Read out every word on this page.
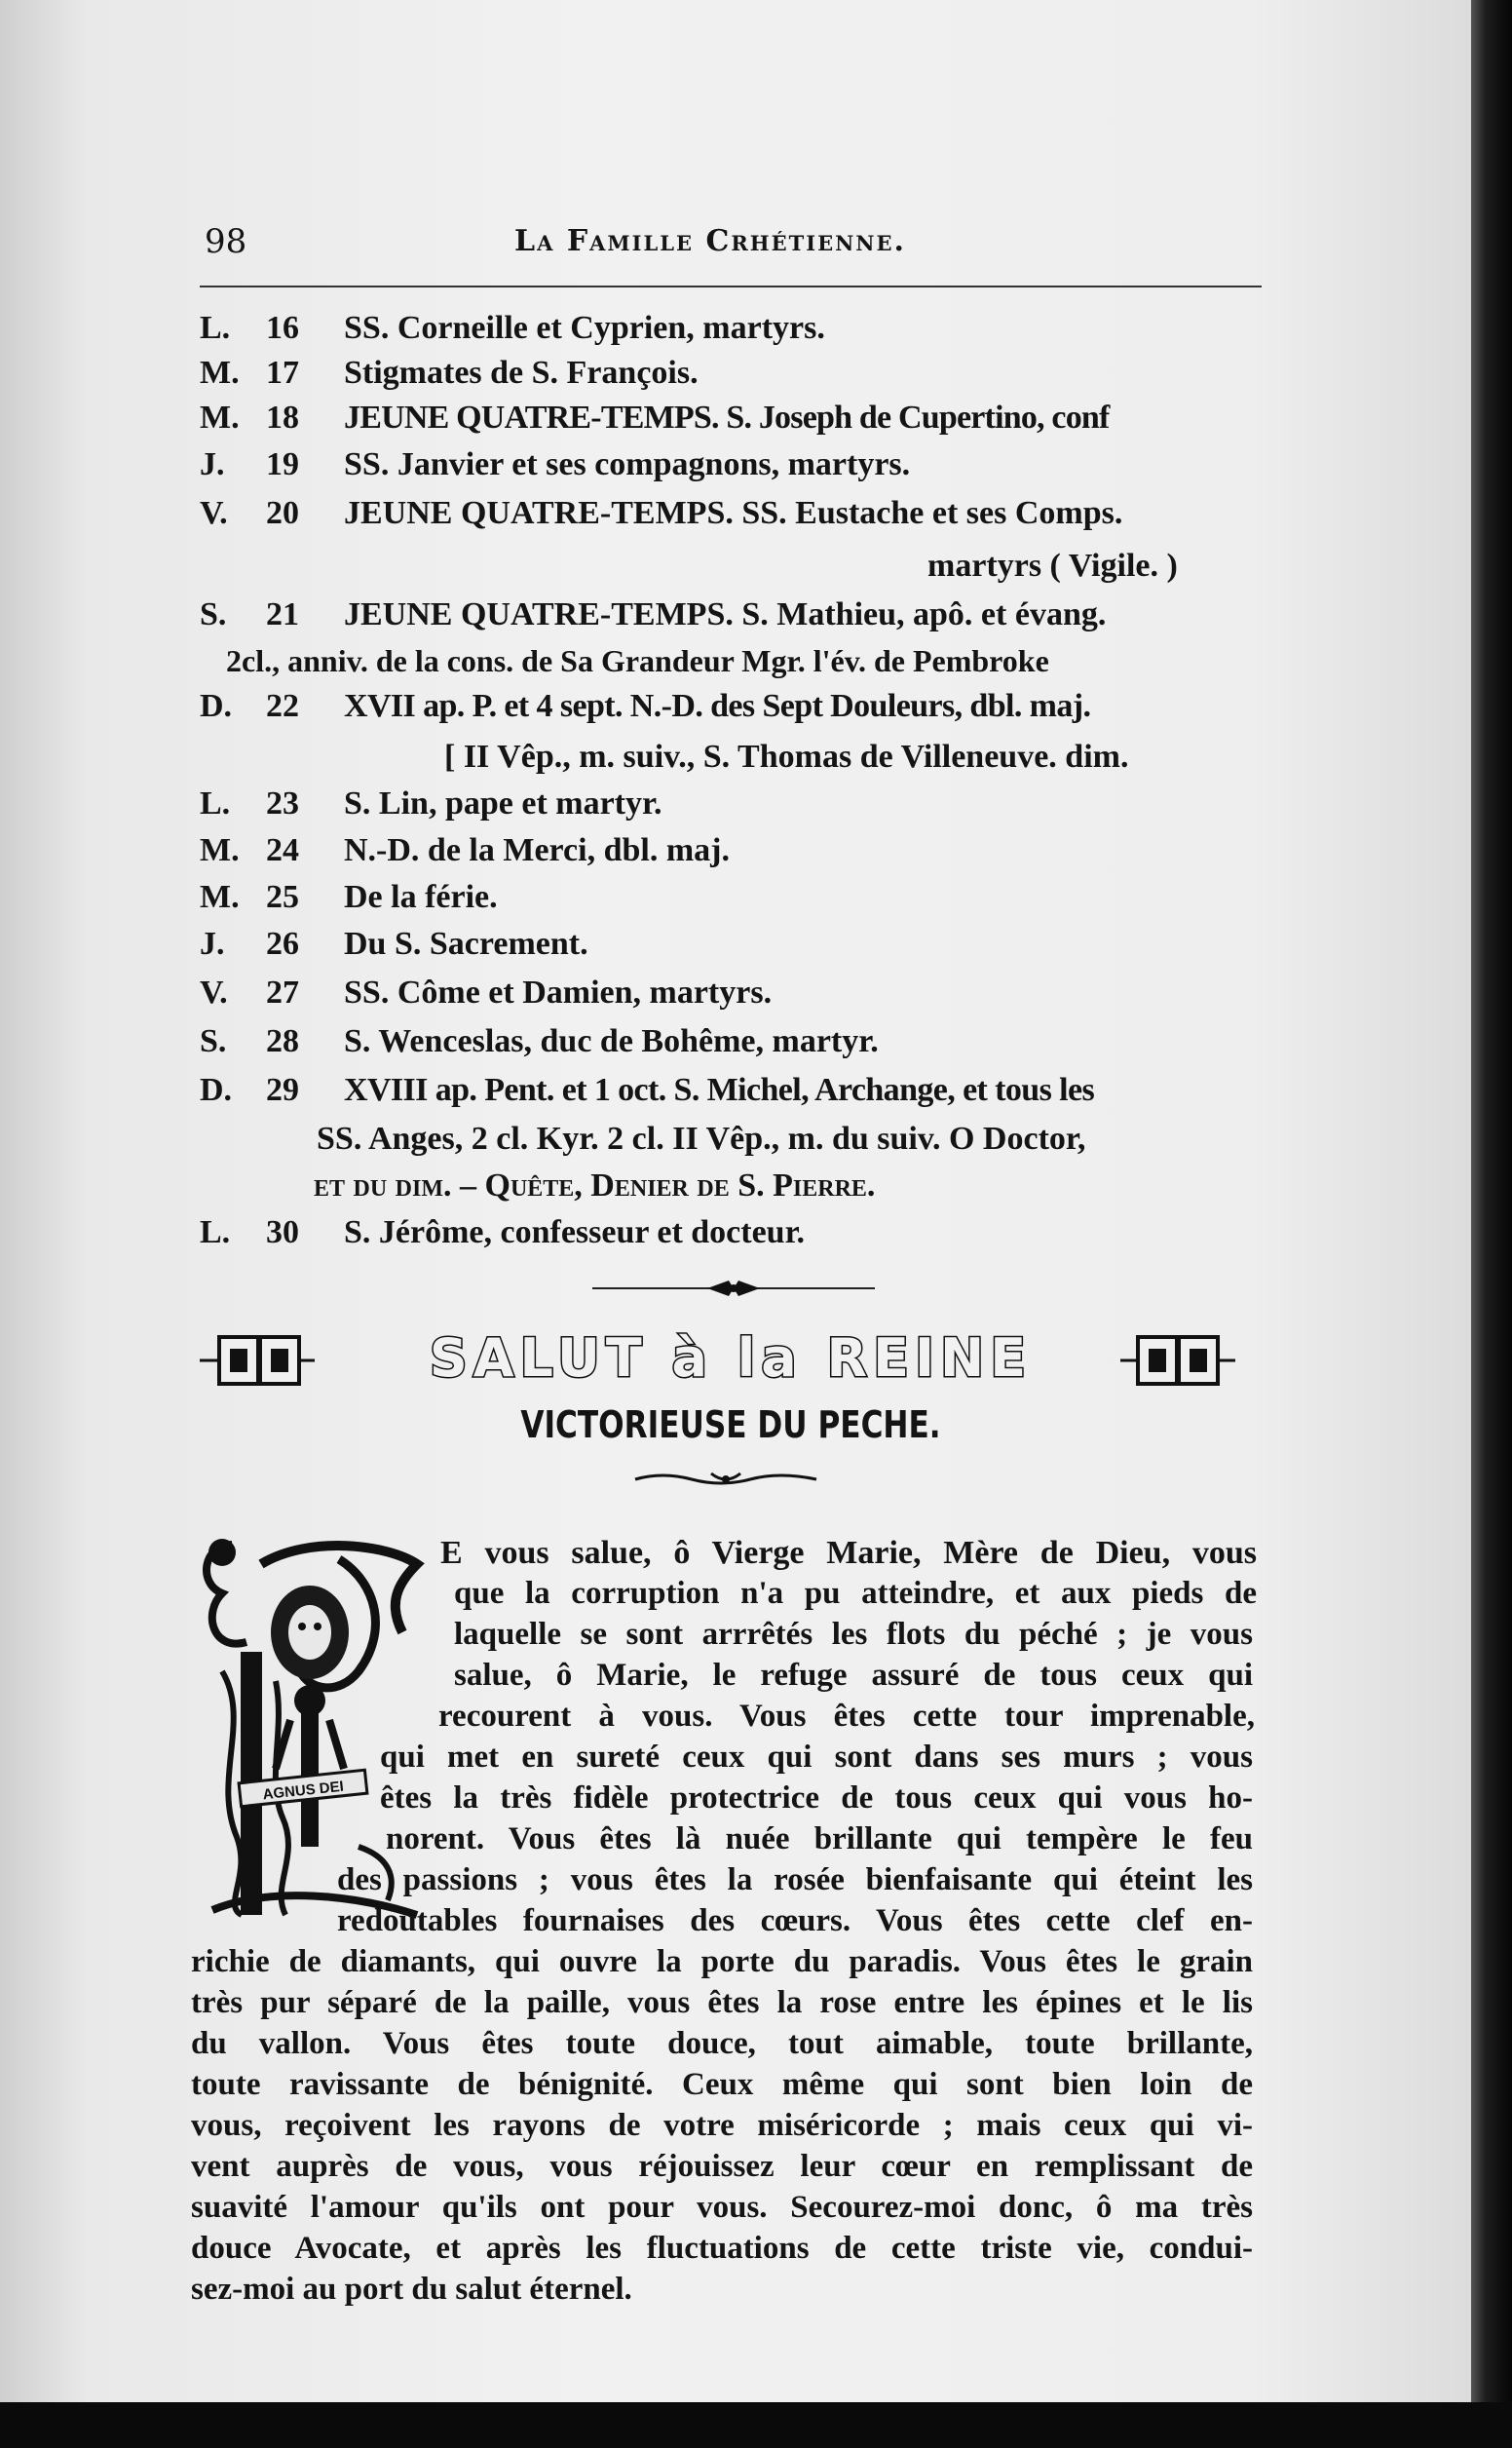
98	La Famille Crhétienne.
L. 16 SS. Corneille et Cyprien, martyrs.
M. 17 Stigmates de S. François.
M. 18 JEUNE QUATRE-TEMPS. S. Joseph de Cupertino, conf
J. 19 SS. Janvier et ses compagnons, martyrs.
V. 20 JEUNE QUATRE-TEMPS. SS. Eustache et ses Comps.
martyrs ( Vigile. )
S. 21 JEUNE QUATRE-TEMPS. S. Mathieu, apô. et évang.
2cl., anniv. de la cons. de Sa Grandeur Mgr. l'év. de Pembroke
D. 22 XVII ap. P. et 4 sept. N.-D. des Sept Douleurs, dbl. maj.
[ II Vêp., m. suiv., S. Thomas de Villeneuve. dim.
L. 23 S. Lin, pape et martyr.
M. 24 N.-D. de la Merci, dbl. maj.
M. 25 De la férie.
J. 26 Du S. Sacrement.
V. 27 SS. Côme et Damien, martyrs.
S. 28 S. Wenceslas, duc de Bohême, martyr.
D. 29 XVIII ap. Pent. et 1 oct. S. Michel, Archange, et tous les
SS. Anges, 2 cl. Kyr. 2 cl. II Vêp., m. du suiv. O Doctor,
et du dim. – Quête, Denier de S. Pierre.
L. 30 S. Jérôme, confesseur et docteur.
SALUT à la REINE
VICTORIEUSE DU PECHE.
AGNUS DEI
E vous salue, ô Vierge Marie, Mère de Dieu, vous
que la corruption n'a pu atteindre, et aux pieds de
laquelle se sont arrrêtés les flots du péché ; je vous
salue, ô Marie, le refuge assuré de tous ceux qui
recourent à vous. Vous êtes cette tour imprenable,
qui met en sureté ceux qui sont dans ses murs ; vous
êtes la très fidèle protectrice de tous ceux qui vous ho-
norent. Vous êtes là nuée brillante qui tempère le feu
des passions ; vous êtes la rosée bienfaisante qui éteint les
redoutables fournaises des cœurs. Vous êtes cette clef en-
richie de diamants, qui ouvre la porte du paradis. Vous êtes le grain
très pur séparé de la paille, vous êtes la rose entre les épines et le lis
du vallon. Vous êtes toute douce, tout aimable, toute brillante,
toute ravissante de bénignité. Ceux même qui sont bien loin de
vous, reçoivent les rayons de votre miséricorde ; mais ceux qui vi-
vent auprès de vous, vous réjouissez leur cœur en remplissant de
suavité l'amour qu'ils ont pour vous. Secourez-moi donc, ô ma très
douce Avocate, et après les fluctuations de cette triste vie, condui-
sez-moi au port du salut éternel.
